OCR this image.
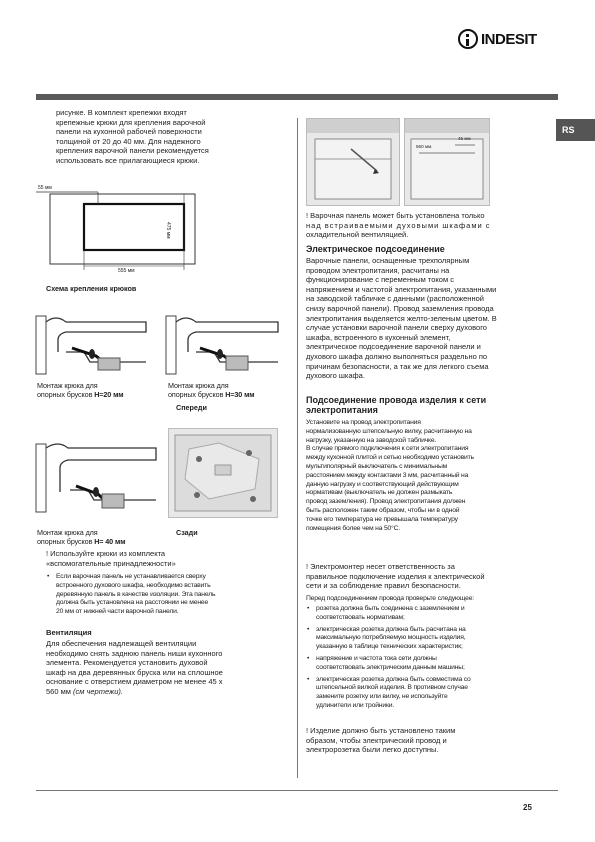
INDESIT
RS
рисунке. В комплект крепежки входят
крепежные крюки для крепления варочной
панели на кухонной рабочей поверхности
толщиной от 20 до 40 мм. Для надежного
крепления варочной панели рекомендуется
использовать все прилагающиеся крюки.
55 мм
475 мм
555 мм
Схема крепления крюков
Монтаж крюка для
опорных брусков H=20 мм
Монтаж крюка для
опорных брусков H=30 мм
Спереди
Монтаж крюка для
опорных брусков H= 40 мм
Сзади
! Используйте крюки из комплекта
«вспомогательные принадлежности»
• Если варочная панель не устанавливается сверху
встроенного духового шкафа, необходимо вставить
деревянную панель в качестве изоляции. Эта панель
должна быть установлена на расстоянии не менее
20 мм от нижней части варочной панели.
Вентиляция
Для обеспечения надлежащей вентиляции
необходимо снять заднюю панель ниши кухонного
элемента. Рекомендуется установить духовой
шкаф на два деревянных бруска или на сплошное
основание с отверстием диаметром не менее 45 х
560 мм (см чертежи).
560 мм.
45 мм
! Варочная панель может быть установлена только
над встраиваемыми духовыми шкафами с
охладительной вентиляцией.
Электрическое подсоединение
Варочные панели, оснащенные трехполярным
проводом электропитания, расчитаны на
функционирование с переменным током с
напряжением и частотой электропитания, указанными
на заводской табличке с данными (расположенной
снизу варочной панели). Провод заземления провода
электропитания выделяется желто-зеленым цветом. В
случае установки варочной панели сверху духового
шкафа, встроенного в кухонный элемент,
электрическое подсоединение варочной панели и
духового шкафа должно выполняться раздельно по
причинам безопасности, а так же для легкого съема
духового шкафа.
Подсоединение провода изделия к сети
электропитания
Установите на провод электропитания
нормализованную штепсельную вилку, расчитанную на
нагрузку, указанную на заводской табличке.
В случае прямого подключения к сети электропитания
между кухонной плитой и сетью необходимо установить
мультиполярный выключатель с минимальным
расстоянием между контактами 3 мм, расчитанный на
данную нагрузку и соответствующий действующим
нормативам (выключатель не должен размыкать
провод заземления). Провод электропитания должен
быть расположен таким образом, чтобы ни в одной
точке его температура не превышала температуру
помещения более чем на 50°С.
! Электромонтер несет ответственность за
правильное подключение изделия к электрической
сети и за соблюдение правил безопасности.
Перед подсоединением провода проверьте следующее:
• розетка должна быть соединена с заземлением и
соответствовать нормативам;
• электрическая розетка должна быть расчитана на
максимальную потребляемую мощность изделия,
указанную в таблице технических характеристик;
• напряжение и частота тока сети должны
соответствовать электрическим данным машины;
• электрическая розетка должна быть совместима со
штепсельной вилкой изделия. В противном случае
замените розетку или вилку, не используйте
удлинители или тройники.
! Изделие должно быть установлено таким
образом, чтобы электрический провод и
электророзетка были легко доступны.
25
